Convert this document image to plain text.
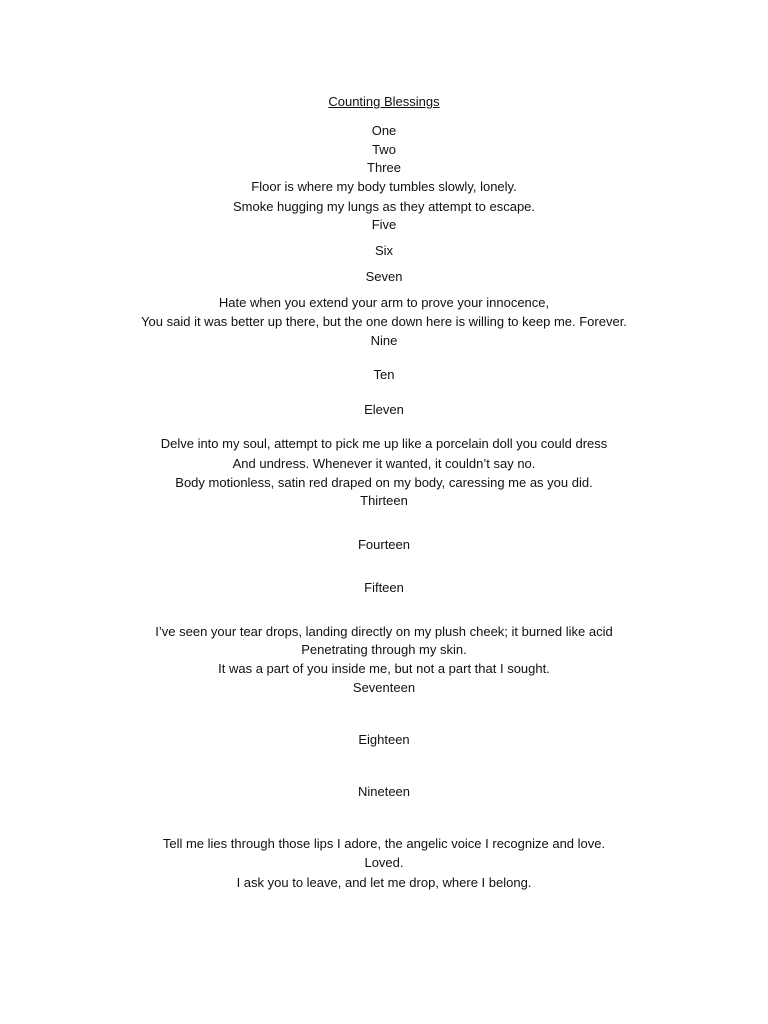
Counting Blessings
One
Two
Three
Floor is where my body tumbles slowly, lonely.
Smoke hugging my lungs as they attempt to escape.
Five
Six
Seven
Hate when you extend your arm to prove your innocence,
You said it was better up there, but the one down here is willing to keep me. Forever.
Nine
Ten
Eleven
Delve into my soul, attempt to pick me up like a porcelain doll you could dress
And undress. Whenever it wanted, it couldn’t say no.
Body motionless, satin red draped on my body, caressing me as you did.
Thirteen
Fourteen
Fifteen
I’ve seen your tear drops, landing directly on my plush cheek; it burned like acid
Penetrating through my skin.
It was a part of you inside me, but not a part that I sought.
Seventeen
Eighteen
Nineteen
Tell me lies through those lips I adore, the angelic voice I recognize and love.
Loved.
I ask you to leave, and let me drop, where I belong.
